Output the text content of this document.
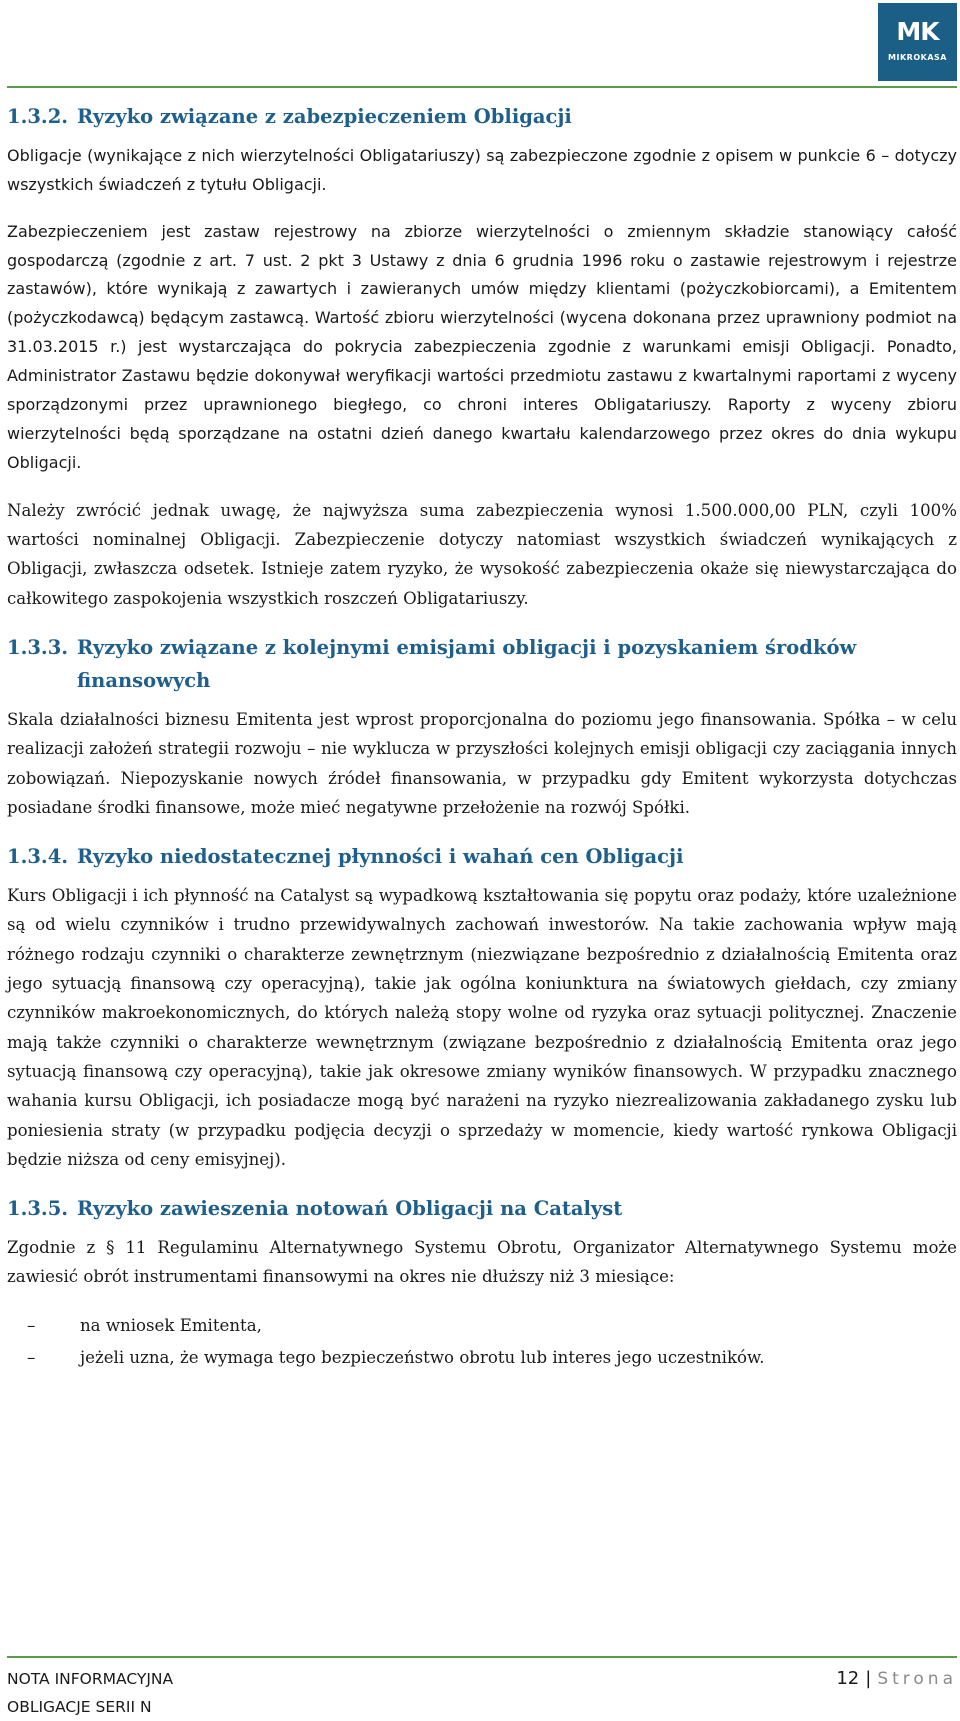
MK
MIKROKASA
1.3.2. Ryzyko związane z zabezpieczeniem Obligacji

Obligacje (wynikające z nich wierzytelności Obligatariuszy) są zabezpieczone zgodnie z opisem w punkcie 6 – dotyczy wszystkich świadczeń z tytułu Obligacji.

Zabezpieczeniem jest zastaw rejestrowy na zbiorze wierzytelności o zmiennym składzie stanowiący całość gospodarczą (zgodnie z art. 7 ust. 2 pkt 3 Ustawy z dnia 6 grudnia 1996 roku o zastawie rejestrowym i rejestrze zastawów), które wynikają z zawartych i zawieranych umów między klientami (pożyczkobiorcami), a Emitentem (pożyczkodawcą) będącym zastawcą. Wartość zbioru wierzytelności (wycena dokonana przez uprawniony podmiot na 31.03.2015 r.) jest wystarczająca do pokrycia zabezpieczenia zgodnie z warunkami emisji Obligacji. Ponadto, Administrator Zastawu będzie dokonywał weryfikacji wartości przedmiotu zastawu z kwartalnymi raportami z wyceny sporządzonymi przez uprawnionego biegłego, co chroni interes Obligatariuszy. Raporty z wyceny zbioru wierzytelności będą sporządzane na ostatni dzień danego kwartału kalendarzowego przez okres do dnia wykupu Obligacji.

Należy zwrócić jednak uwagę, że najwyższa suma zabezpieczenia wynosi 1.500.000,00 PLN, czyli 100% wartości nominalnej Obligacji. Zabezpieczenie dotyczy natomiast wszystkich świadczeń wynikających z Obligacji, zwłaszcza odsetek. Istnieje zatem ryzyko, że wysokość zabezpieczenia okaże się niewystarczająca do całkowitego zaspokojenia wszystkich roszczeń Obligatariuszy.

1.3.3. Ryzyko związane z kolejnymi emisjami obligacji i pozyskaniem środków finansowych

Skala działalności biznesu Emitenta jest wprost proporcjonalna do poziomu jego finansowania. Spółka – w celu realizacji założeń strategii rozwoju – nie wyklucza w przyszłości kolejnych emisji obligacji czy zaciągania innych zobowiązań. Niepozyskanie nowych źródeł finansowania, w przypadku gdy Emitent wykorzysta dotychczas posiadane środki finansowe, może mieć negatywne przełożenie na rozwój Spółki.

1.3.4. Ryzyko niedostatecznej płynności i wahań cen Obligacji

Kurs Obligacji i ich płynność na Catalyst są wypadkową kształtowania się popytu oraz podaży, które uzależnione są od wielu czynników i trudno przewidywalnych zachowań inwestorów. Na takie zachowania wpływ mają różnego rodzaju czynniki o charakterze zewnętrznym (niezwiązane bezpośrednio z działalnością Emitenta oraz jego sytuacją finansową czy operacyjną), takie jak ogólna koniunktura na światowych giełdach, czy zmiany czynników makroekonomicznych, do których należą stopy wolne od ryzyka oraz sytuacji politycznej. Znaczenie mają także czynniki o charakterze wewnętrznym (związane bezpośrednio z działalnością Emitenta oraz jego sytuacją finansową czy operacyjną), takie jak okresowe zmiany wyników finansowych. W przypadku znacznego wahania kursu Obligacji, ich posiadacze mogą być narażeni na ryzyko niezrealizowania zakładanego zysku lub poniesienia straty (w przypadku podjęcia decyzji o sprzedaży w momencie, kiedy wartość rynkowa Obligacji będzie niższa od ceny emisyjnej).

1.3.5. Ryzyko zawieszenia notowań Obligacji na Catalyst

Zgodnie z § 11 Regulaminu Alternatywnego Systemu Obrotu, Organizator Alternatywnego Systemu może zawiesić obrót instrumentami finansowymi na okres nie dłuższy niż 3 miesiące:

–	na wniosek Emitenta,
–	jeżeli uzna, że wymaga tego bezpieczeństwo obrotu lub interes jego uczestników.
NOTA INFORMACYJNA
OBLIGACJE SERII N
12 | Strona
